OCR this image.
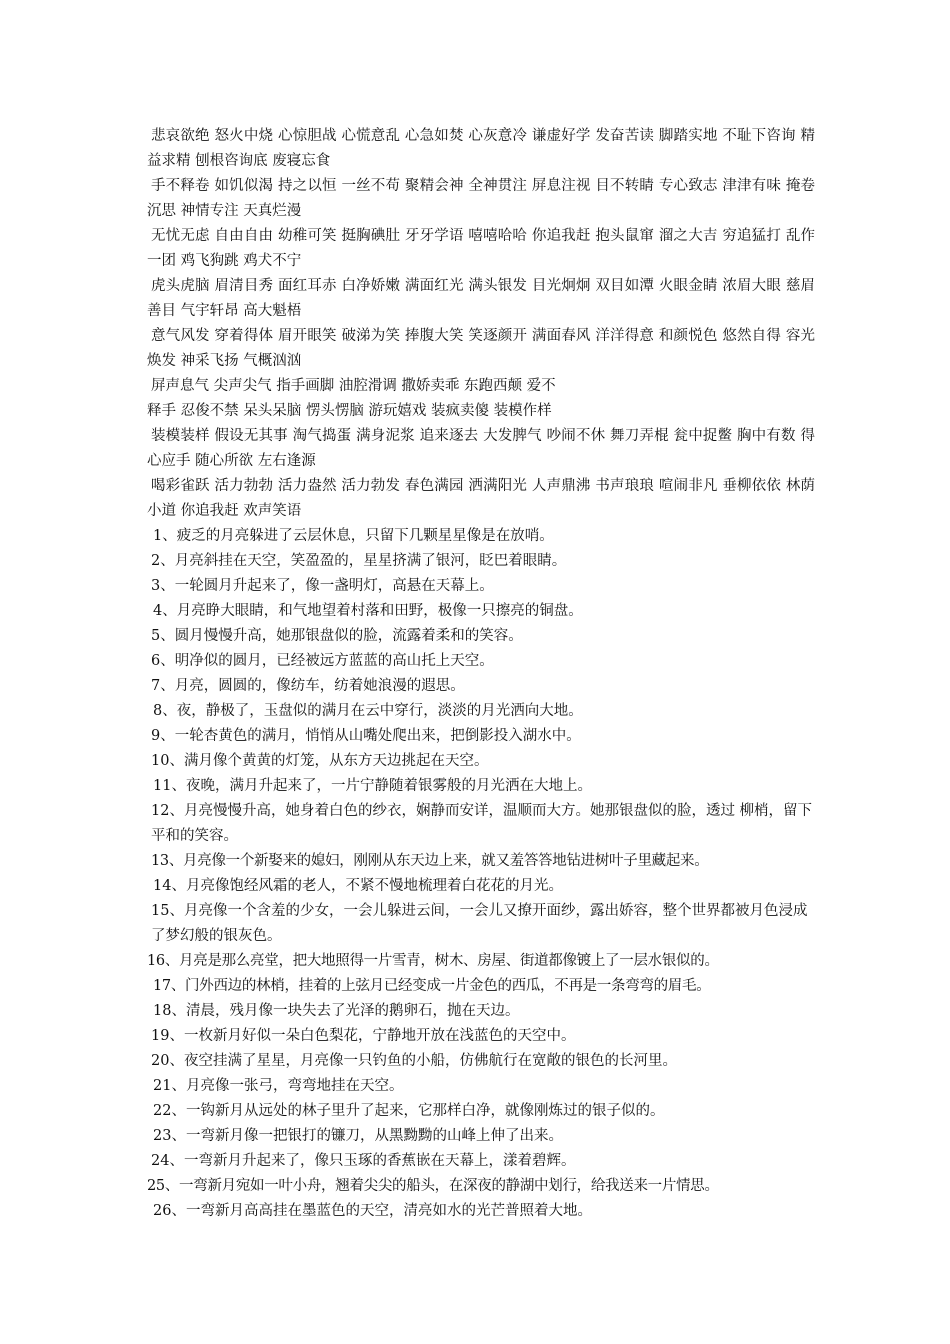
悲哀欲绝 怒火中烧 心惊胆战 心慌意乱 心急如焚 心灰意冷 谦虚好学 发奋苦读 脚踏实地 不耻下咨询 精益求精 刨根咨询底 废寝忘食

手不释卷 如饥似渴 持之以恒 一丝不苟 聚精会神 全神贯注 屏息注视 目不转睛 专心致志 津津有味 掩卷沉思 神情专注 天真烂漫

无忧无虑 自由自由 幼稚可笑 挺胸碘肚 牙牙学语 嘻嘻哈哈 你追我赶 抱头鼠窜 溜之大吉 穷追猛打 乱作一团 鸡飞狗跳 鸡犬不宁

虎头虎脑 眉清目秀 面红耳赤 白净娇嫩 满面红光 满头银发 目光炯炯 双目如潭 火眼金睛 浓眉大眼 慈眉善目 气宇轩昂 高大魁梧

意气风发 穿着得体 眉开眼笑 破涕为笑 捧腹大笑 笑逐颜开 满面春风 洋洋得意 和颜悦色 悠然自得 容光焕发 神采飞扬 气概汹汹

屏声息气 尖声尖气 指手画脚 油腔滑调 撒娇卖乖 东跑西颠 爱不

释手 忍俊不禁 呆头呆脑 愣头愣脑 游玩嬉戏 装疯卖傻 装模作样

装模装样 假设无其事 淘气捣蛋 满身泥浆 追来逐去 大发脾气 吵闹不休 舞刀弄棍 瓮中捉鳖 胸中有数 得心应手 随心所欲 左右逢源

喝彩雀跃 活力勃勃 活力盎然 活力勃发 春色满园 洒满阳光 人声鼎沸 书声琅琅 喧闹非凡 垂柳依依 林荫小道 你追我赶 欢声笑语

1、疲乏的月亮躲进了云层休息，只留下几颗星星像是在放哨。

2、月亮斜挂在天空，笑盈盈的，星星挤满了银河，眨巴着眼睛。

3、一轮圆月升起来了，像一盏明灯，高悬在天幕上。

4、月亮睁大眼睛，和气地望着村落和田野，极像一只擦亮的铜盘。

5、圆月慢慢升高，她那银盘似的脸，流露着柔和的笑容。

6、明净似的圆月，已经被远方蓝蓝的高山托上天空。

7、月亮，圆圆的，像纺车，纺着她浪漫的遐思。

8、夜，静极了，玉盘似的满月在云中穿行，淡淡的月光洒向大地。

9、一轮杏黄色的满月，悄悄从山嘴处爬出来，把倒影投入湖水中。

10、满月像个黄黄的灯笼，从东方天边挑起在天空。

11、夜晚，满月升起来了，一片宁静随着银雾般的月光洒在大地上。

12、月亮慢慢升高，她身着白色的纱衣，娴静而安详，温顺而大方。她那银盘似的脸，透过 柳梢，留下平和的笑容。

13、月亮像一个新娶来的媳妇，刚刚从东天边上来，就又羞答答地钻进树叶子里藏起来。

14、月亮像饱经风霜的老人，不紧不慢地梳理着白花花的月光。

15、月亮像一个含羞的少女，一会儿躲进云间，一会儿又撩开面纱，露出娇容，整个世界都被月色浸成了梦幻般的银灰色。

16、月亮是那么亮堂，把大地照得一片雪青，树木、房屋、街道都像镀上了一层水银似的。

17、门外西边的林梢，挂着的上弦月已经变成一片金色的西瓜，不再是一条弯弯的眉毛。

18、清晨，残月像一块失去了光泽的鹅卵石，抛在天边。

19、一枚新月好似一朵白色梨花，宁静地开放在浅蓝色的天空中。

20、夜空挂满了星星，月亮像一只钓鱼的小船，仿佛航行在宽敞的银色的长河里。

21、月亮像一张弓，弯弯地挂在天空。

22、一钩新月从远处的林子里升了起来，它那样白净，就像刚炼过的银子似的。

23、一弯新月像一把银打的镰刀，从黑黝黝的山峰上伸了出来。

24、一弯新月升起来了，像只玉琢的香蕉嵌在天幕上，漾着碧辉。

25、一弯新月宛如一叶小舟，翘着尖尖的船头，在深夜的静湖中划行，给我送来一片情思。

26、一弯新月高高挂在墨蓝色的天空，清亮如水的光芒普照着大地。
